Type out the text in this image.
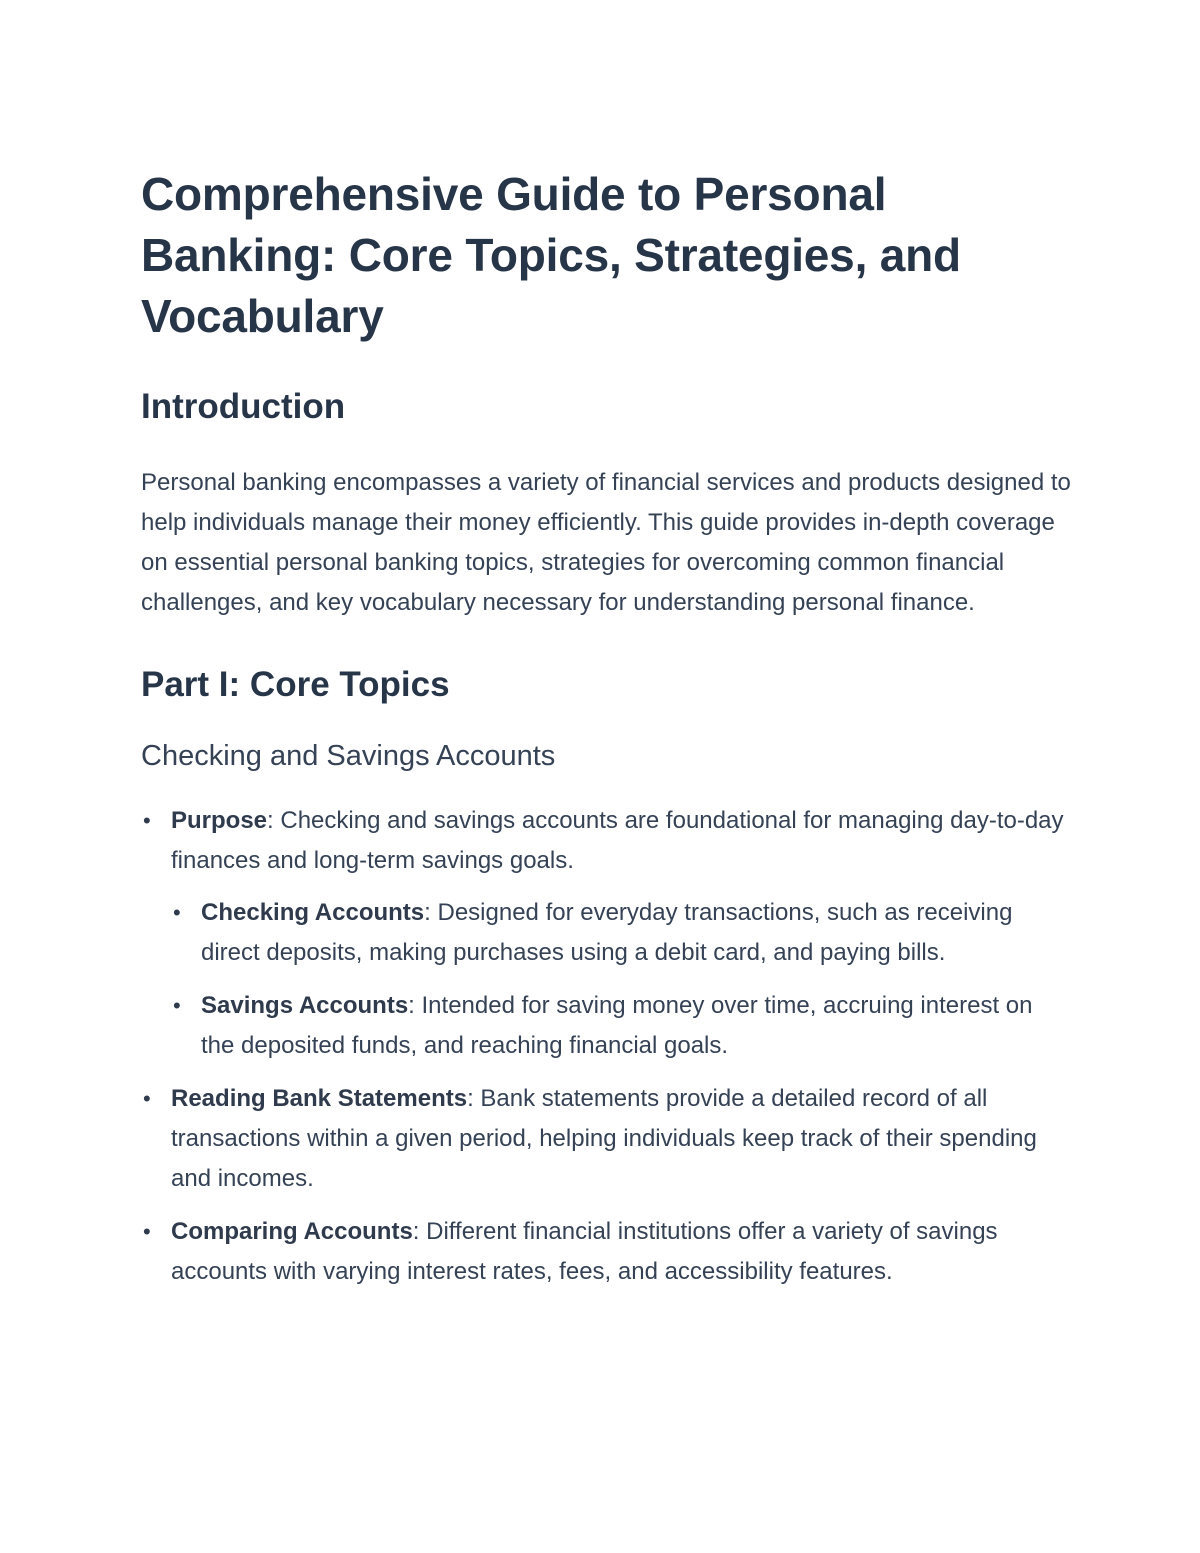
Comprehensive Guide to Personal Banking: Core Topics, Strategies, and Vocabulary
Introduction

Personal banking encompasses a variety of financial services and products designed to help individuals manage their money efficiently. This guide provides in-depth coverage on essential personal banking topics, strategies for overcoming common financial challenges, and key vocabulary necessary for understanding personal finance.

Part I: Core Topics
Checking and Savings Accounts
• Purpose: Checking and savings accounts are foundational for managing day-to-day finances and long-term savings goals.
• Checking Accounts: Designed for everyday transactions, such as receiving direct deposits, making purchases using a debit card, and paying bills.
• Savings Accounts: Intended for saving money over time, accruing interest on the deposited funds, and reaching financial goals.
• Reading Bank Statements: Bank statements provide a detailed record of all transactions within a given period, helping individuals keep track of their spending and incomes.
• Comparing Accounts: Different financial institutions offer a variety of savings accounts with varying interest rates, fees, and accessibility features.
